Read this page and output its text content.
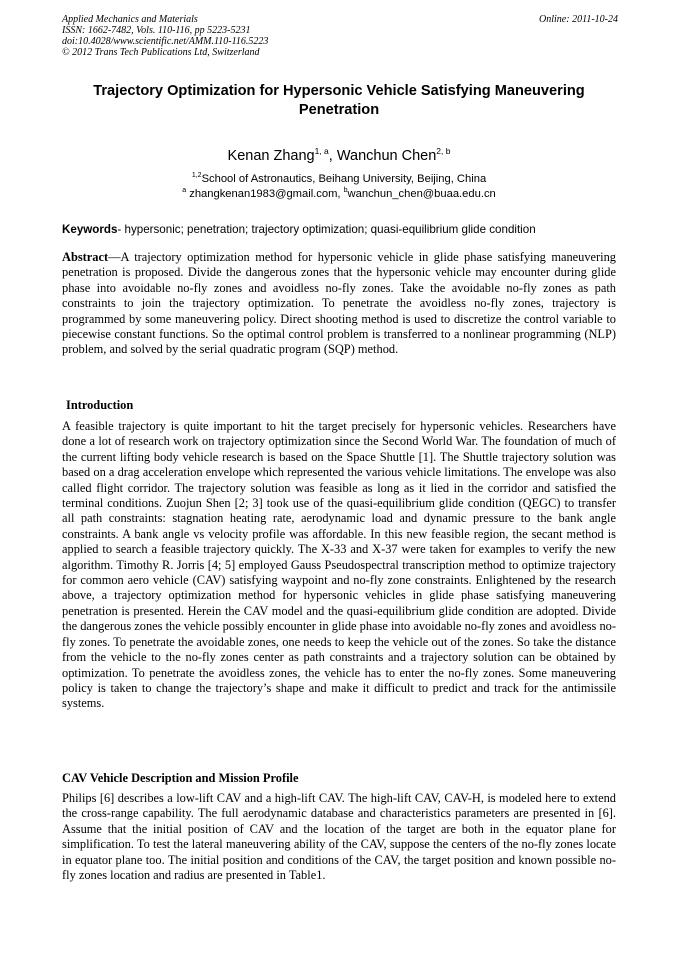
Applied Mechanics and Materials
ISSN: 1662-7482, Vols. 110-116, pp 5223-5231
doi:10.4028/www.scientific.net/AMM.110-116.5223
© 2012 Trans Tech Publications Ltd, Switzerland
Online: 2011-10-24
Trajectory Optimization for Hypersonic Vehicle Satisfying Maneuvering
Penetration
Kenan Zhang$^{1, a}$, Wanchun Chen$^{2, b}$
$^{1,2}$School of Astronautics, Beihang University, Beijing, China
$^a$ zhangkenan1983@gmail.com, $^b$wanchun_chen@buaa.edu.cn
Keywords- hypersonic; penetration; trajectory optimization; quasi-equilibrium glide condition
Abstract—A trajectory optimization method for hypersonic vehicle in glide phase satisfying maneuvering penetration is proposed. Divide the dangerous zones that the hypersonic vehicle may encounter during glide phase into avoidable no-fly zones and avoidless no-fly zones. Take the avoidable no-fly zones as path constraints to join the trajectory optimization. To penetrate the avoidless no-fly zones, trajectory is programmed by some maneuvering policy. Direct shooting method is used to discretize the control variable to piecewise constant functions. So the optimal control problem is transferred to a nonlinear programming (NLP) problem, and solved by the serial quadratic program (SQP) method.
Introduction
A feasible trajectory is quite important to hit the target precisely for hypersonic vehicles. Researchers have done a lot of research work on trajectory optimization since the Second World War. The foundation of much of the current lifting body vehicle research is based on the Space Shuttle [1]. The Shuttle trajectory solution was based on a drag acceleration envelope which represented the various vehicle limitations. The envelope was also called flight corridor. The trajectory solution was feasible as long as it lied in the corridor and satisfied the terminal conditions. Zuojun Shen [2; 3] took use of the quasi-equilibrium glide condition (QEGC) to transfer all path constraints: stagnation heating rate, aerodynamic load and dynamic pressure to the bank angle constraints. A bank angle vs velocity profile was affordable. In this new feasible region, the secant method is applied to search a feasible trajectory quickly. The X-33 and X-37 were taken for examples to verify the new algorithm. Timothy R. Jorris [4; 5] employed Gauss Pseudospectral transcription method to optimize trajectory for common aero vehicle (CAV) satisfying waypoint and no-fly zone constraints. Enlightened by the research above, a trajectory optimization method for hypersonic vehicles in glide phase satisfying maneuvering penetration is presented. Herein the CAV model and the quasi-equilibrium glide condition are adopted. Divide the dangerous zones the vehicle possibly encounter in glide phase into avoidable no-fly zones and avoidless no-fly zones. To penetrate the avoidable zones, one needs to keep the vehicle out of the zones. So take the distance from the vehicle to the no-fly zones center as path constraints and a trajectory solution can be obtained by optimization. To penetrate the avoidless zones, the vehicle has to enter the no-fly zones. Some maneuvering policy is taken to change the trajectory’s shape and make it difficult to predict and track for the antimissile systems.
CAV Vehicle Description and Mission Profile
Philips [6] describes a low-lift CAV and a high-lift CAV. The high-lift CAV, CAV-H, is modeled here to extend the cross-range capability. The full aerodynamic database and characteristics parameters are presented in [6]. Assume that the initial position of CAV and the location of the target are both in the equator plane for simplification. To test the lateral maneuvering ability of the CAV, suppose the centers of the no-fly zones locate in equator plane too. The initial position and conditions of the CAV, the target position and known possible no-fly zones location and radius are presented in Table1.
